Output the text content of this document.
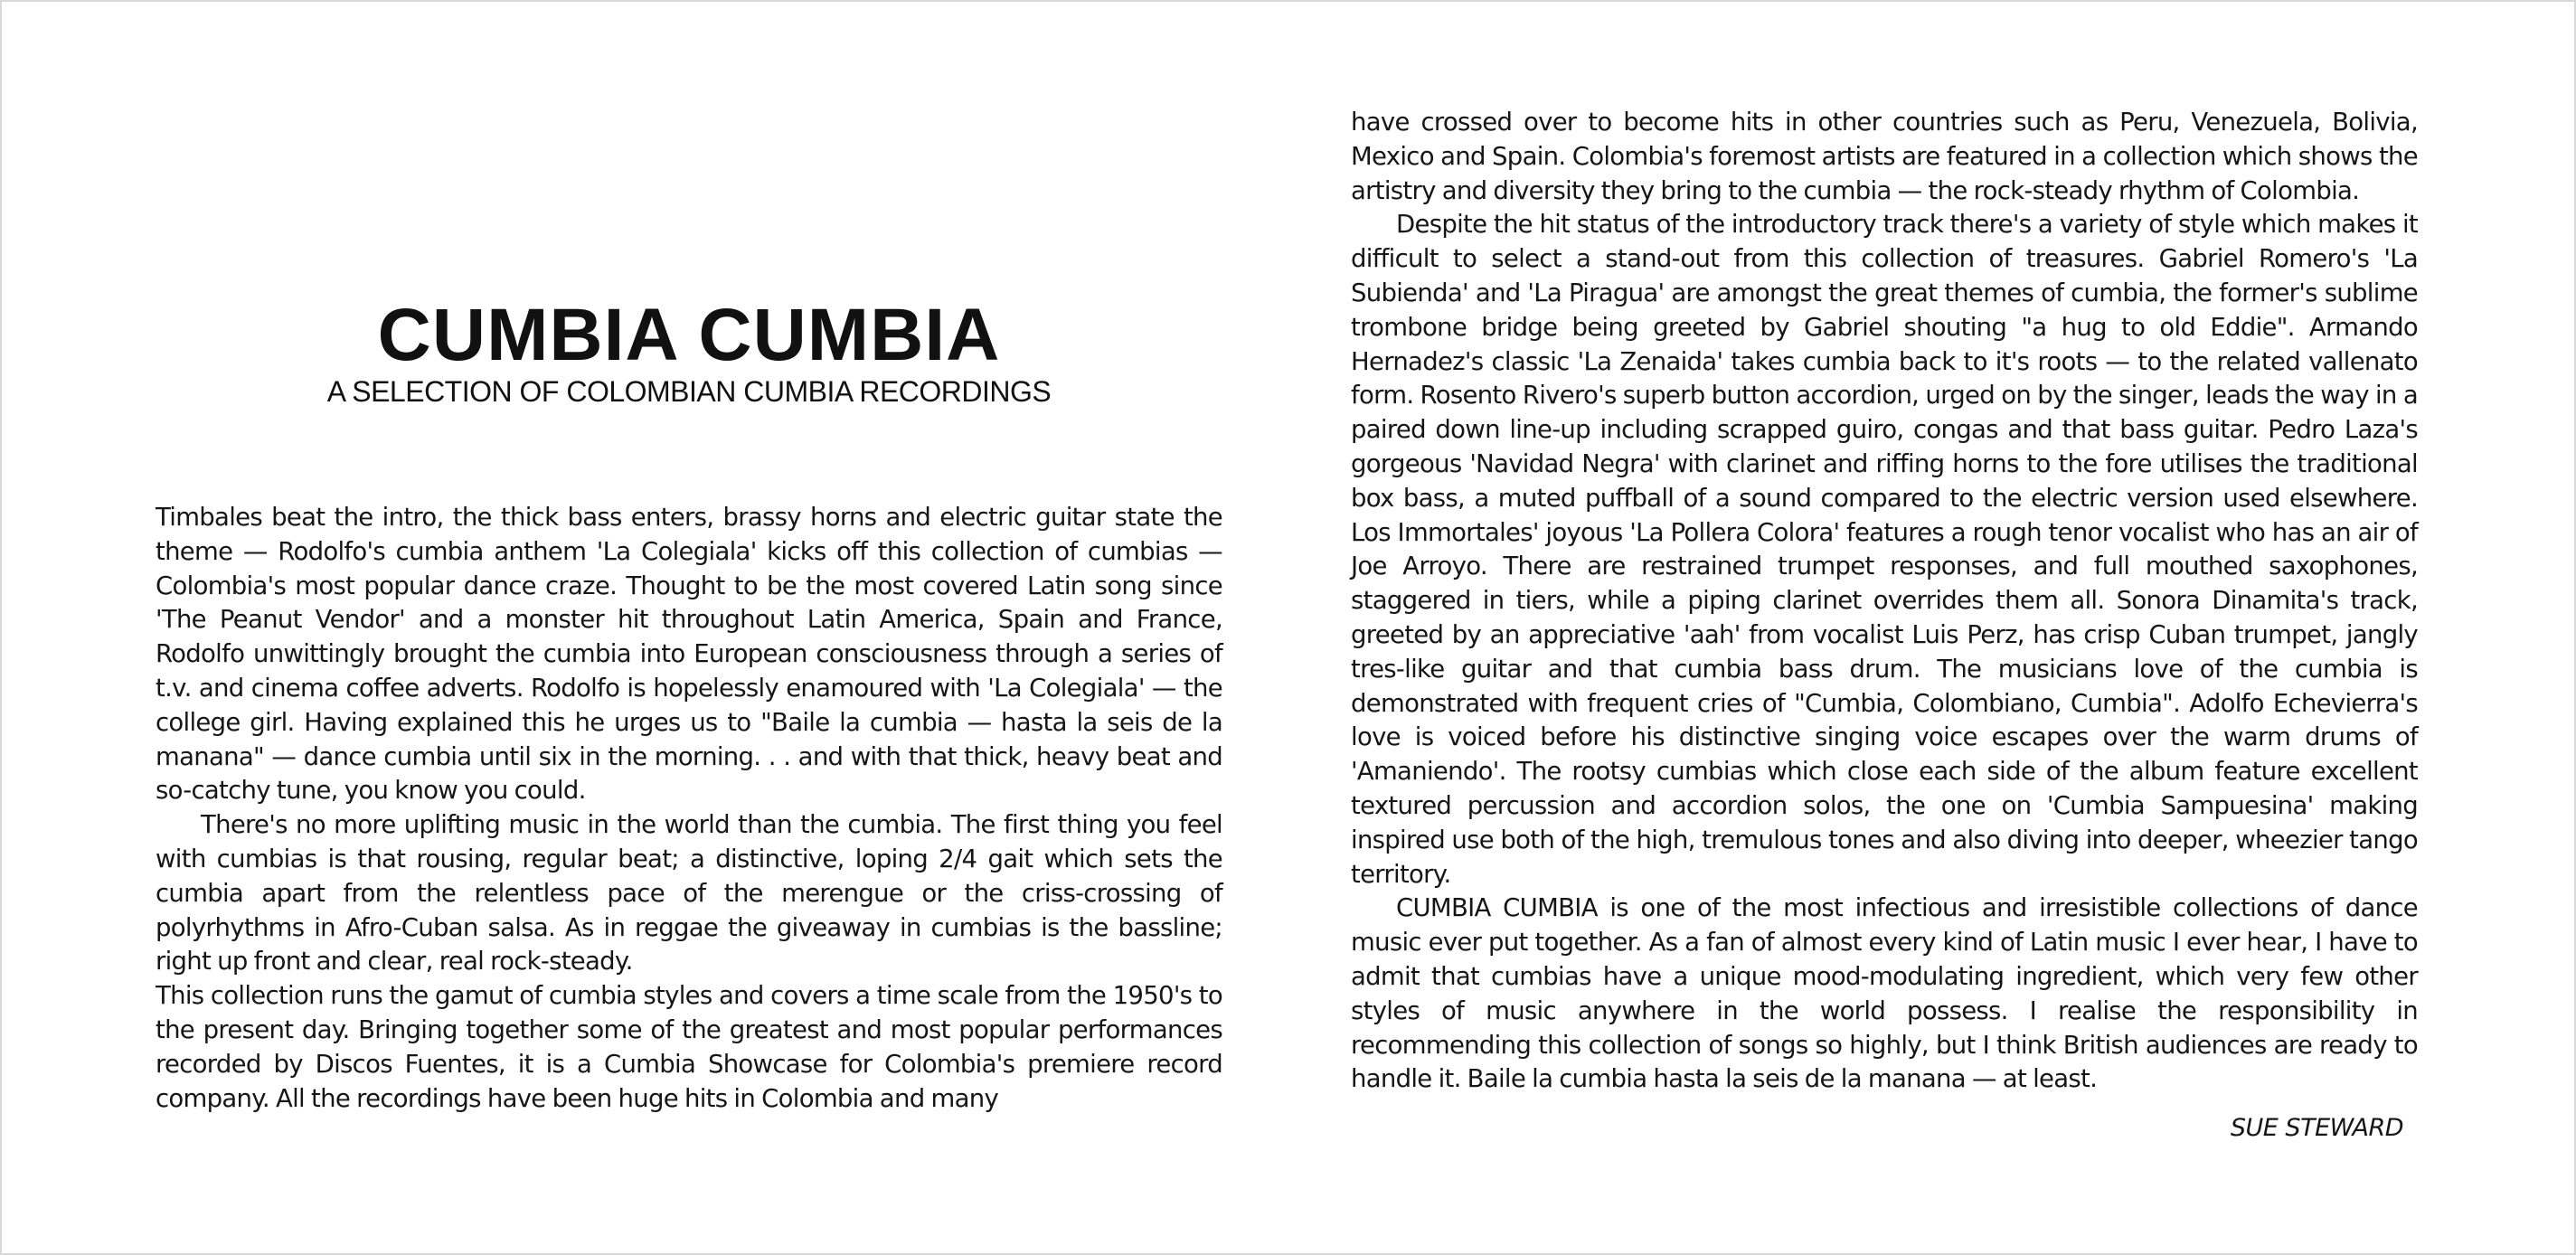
CUMBIA CUMBIA

A SELECTION OF COLOMBIAN CUMBIA RECORDINGS

Timbales beat the intro, the thick bass enters, brassy horns and electric guitar state the theme — Rodolfo's cumbia anthem 'La Colegiala' kicks off this collection of cumbias — Colombia's most popular dance craze. Thought to be the most covered Latin song since 'The Peanut Vendor' and a monster hit throughout Latin America, Spain and France, Rodolfo unwittingly brought the cumbia into European consciousness through a series of t.v. and cinema coffee adverts. Rodolfo is hopelessly enamoured with 'La Colegiala' — the college girl. Having explained this he urges us to "Baile la cumbia — hasta la seis de la manana" — dance cumbia until six in the morning. . . and with that thick, heavy beat and so-catchy tune, you know you could.

There's no more uplifting music in the world than the cumbia. The first thing you feel with cumbias is that rousing, regular beat; a distinctive, loping 2/4 gait which sets the cumbia apart from the relentless pace of the merengue or the criss-crossing of polyrhythms in Afro-Cuban salsa. As in reggae the giveaway in cumbias is the bassline; right up front and clear, real rock-steady.

This collection runs the gamut of cumbia styles and covers a time scale from the 1950's to the present day. Bringing together some of the greatest and most popular performances recorded by Discos Fuentes, it is a Cumbia Showcase for Colombia's premiere record company. All the recordings have been huge hits in Colombia and many

have crossed over to become hits in other countries such as Peru, Venezuela, Bolivia, Mexico and Spain. Colombia's foremost artists are featured in a collection which shows the artistry and diversity they bring to the cumbia — the rock-steady rhythm of Colombia.

Despite the hit status of the introductory track there's a variety of style which makes it difficult to select a stand-out from this collection of treasures. Gabriel Romero's 'La Subienda' and 'La Piragua' are amongst the great themes of cumbia, the former's sublime trombone bridge being greeted by Gabriel shouting "a hug to old Eddie". Armando Hernadez's classic 'La Zenaida' takes cumbia back to it's roots — to the related vallenato form. Rosento Rivero's superb button accordion, urged on by the singer, leads the way in a paired down line-up including scrapped guiro, congas and that bass guitar. Pedro Laza's gorgeous 'Navidad Negra' with clarinet and riffing horns to the fore utilises the traditional box bass, a muted puffball of a sound compared to the electric version used elsewhere. Los Immortales' joyous 'La Pollera Colora' features a rough tenor vocalist who has an air of Joe Arroyo. There are restrained trumpet responses, and full mouthed saxophones, staggered in tiers, while a piping clarinet overrides them all. Sonora Dinamita's track, greeted by an appreciative 'aah' from vocalist Luis Perz, has crisp Cuban trumpet, jangly tres-like guitar and that cumbia bass drum. The musicians love of the cumbia is demonstrated with frequent cries of "Cumbia, Colombiano, Cumbia". Adolfo Echevierra's love is voiced before his distinctive singing voice escapes over the warm drums of 'Amaniendo'. The rootsy cumbias which close each side of the album feature excellent textured percussion and accordion solos, the one on 'Cumbia Sampuesina' making inspired use both of the high, tremulous tones and also diving into deeper, wheezier tango territory.

CUMBIA CUMBIA is one of the most infectious and irresistible collections of dance music ever put together. As a fan of almost every kind of Latin music I ever hear, I have to admit that cumbias have a unique mood-modulating ingredient, which very few other styles of music anywhere in the world possess. I realise the responsibility in recommending this collection of songs so highly, but I think British audiences are ready to handle it. Baile la cumbia hasta la seis de la manana — at least.

SUE STEWARD
